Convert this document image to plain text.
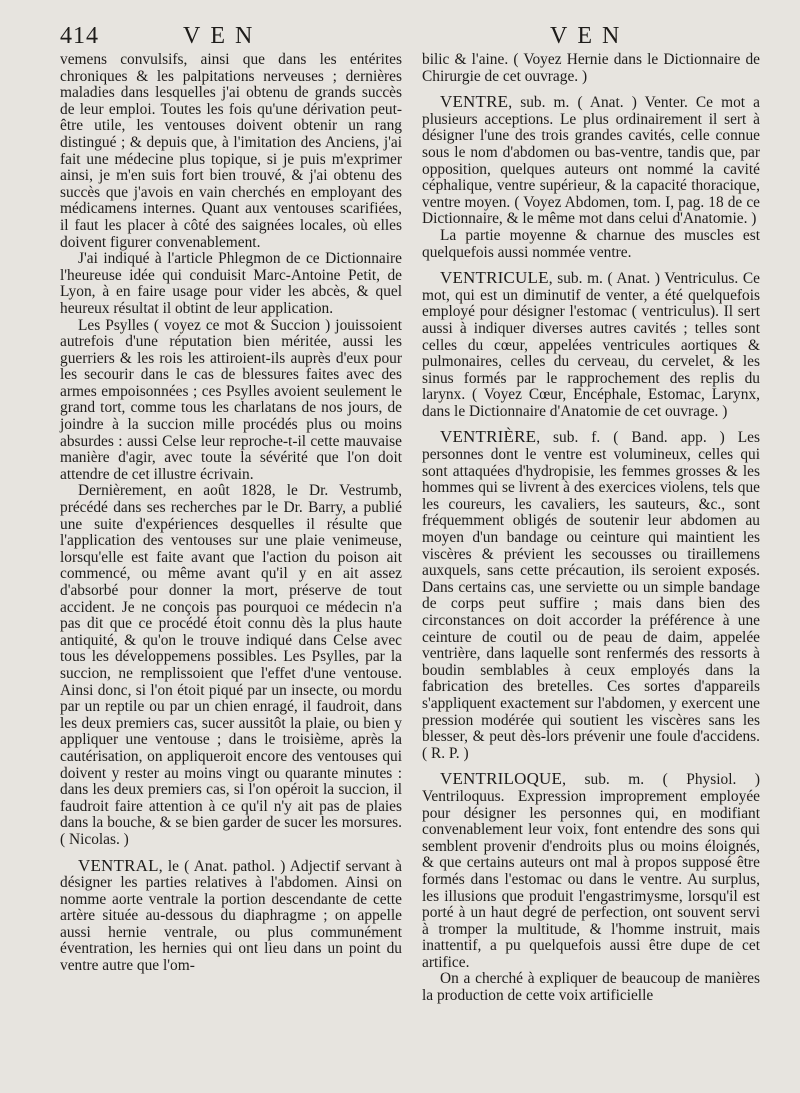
414	VEN	VEN

vemens convulsifs, ainsi que dans les entérites chroniques & les palpitations nerveuses ; dernières maladies dans lesquelles j'ai obtenu de grands succès de leur emploi. Toutes les fois qu'une dérivation peut-être utile, les ventouses doivent obtenir un rang distingué ; & depuis que, à l'imitation des Anciens, j'ai fait une médecine plus topique, si je puis m'exprimer ainsi, je m'en suis fort bien trouvé, & j'ai obtenu des succès que j'avois en vain cherchés en employant des médicamens internes. Quant aux ventouses scarifiées, il faut les placer à côté des saignées locales, où elles doivent figurer convenablement.

J'ai indiqué à l'article Phlegmon de ce Dictionnaire l'heureuse idée qui conduisit Marc-Antoine Petit, de Lyon, à en faire usage pour vider les abcès, & quel heureux résultat il obtint de leur application.

Les Psylles ( voyez ce mot & Succion ) jouissoient autrefois d'une réputation bien méritée, aussi les guerriers & les rois les attiroient-ils auprès d'eux pour les secourir dans le cas de blessures faites avec des armes empoisonnées ; ces Psylles avoient seulement le grand tort, comme tous les charlatans de nos jours, de joindre à la succion mille procédés plus ou moins absurdes : aussi Celse leur reproche-t-il cette mauvaise manière d'agir, avec toute la sévérité que l'on doit attendre de cet illustre écrivain.

Dernièrement, en août 1828, le Dr. Vestrumb, précédé dans ses recherches par le Dr. Barry, a publié une suite d'expériences desquelles il résulte que l'application des ventouses sur une plaie venimeuse, lorsqu'elle est faite avant que l'action du poison ait commencé, ou même avant qu'il y en ait assez d'absorbé pour donner la mort, préserve de tout accident. Je ne conçois pas pourquoi ce médecin n'a pas dit que ce procédé étoit connu dès la plus haute antiquité, & qu'on le trouve indiqué dans Celse avec tous les développemens possibles. Les Psylles, par la succion, ne remplissoient que l'effet d'une ventouse. Ainsi donc, si l'on étoit piqué par un insecte, ou mordu par un reptile ou par un chien enragé, il faudroit, dans les deux premiers cas, sucer aussitôt la plaie, ou bien y appliquer une ventouse ; dans le troisième, après la cautérisation, on appliqueroit encore des ventouses qui doivent y rester au moins vingt ou quarante minutes : dans les deux premiers cas, si l'on opéroit la succion, il faudroit faire attention à ce qu'il n'y ait pas de plaies dans la bouche, & se bien garder de sucer les morsures. ( Nicolas. )

VENTRAL, le ( Anat. pathol. ) Adjectif servant à désigner les parties relatives à l'abdomen. Ainsi on nomme aorte ventrale la portion descendante de cette artère située au-dessous du diaphragme ; on appelle aussi hernie ventrale, ou plus communément éventration, les hernies qui ont lieu dans un point du ventre autre que l'om-

bilic & l'aine. ( Voyez Hernie dans le Dictionnaire de Chirurgie de cet ouvrage. )

VENTRE, sub. m. ( Anat. ) Venter. Ce mot a plusieurs acceptions. Le plus ordinairement il sert à désigner l'une des trois grandes cavités, celle connue sous le nom d'abdomen ou bas-ventre, tandis que, par opposition, quelques auteurs ont nommé la cavité céphalique, ventre supérieur, & la capacité thoracique, ventre moyen. ( Voyez Abdomen, tom. I, pag. 18 de ce Dictionnaire, & le même mot dans celui d'Anatomie. )

La partie moyenne & charnue des muscles est quelquefois aussi nommée ventre.

VENTRICULE, sub. m. ( Anat. ) Ventriculus. Ce mot, qui est un diminutif de venter, a été quelquefois employé pour désigner l'estomac ( ventriculus). Il sert aussi à indiquer diverses autres cavités ; telles sont celles du cœur, appelées ventricules aortiques & pulmonaires, celles du cerveau, du cervelet, & les sinus formés par le rapprochement des replis du larynx. ( Voyez Cœur, Encéphale, Estomac, Larynx, dans le Dictionnaire d'Anatomie de cet ouvrage. )

VENTRIÈRE, sub. f. ( Band. app. ) Les personnes dont le ventre est volumineux, celles qui sont attaquées d'hydropisie, les femmes grosses & les hommes qui se livrent à des exercices violens, tels que les coureurs, les cavaliers, les sauteurs, &c., sont fréquemment obligés de soutenir leur abdomen au moyen d'un bandage ou ceinture qui maintient les viscères & prévient les secousses ou tiraillemens auxquels, sans cette précaution, ils seroient exposés. Dans certains cas, une serviette ou un simple bandage de corps peut suffire ; mais dans bien des circonstances on doit accorder la préférence à une ceinture de coutil ou de peau de daim, appelée ventrière, dans laquelle sont renfermés des ressorts à boudin semblables à ceux employés dans la fabrication des bretelles. Ces sortes d'appareils s'appliquent exactement sur l'abdomen, y exercent une pression modérée qui soutient les viscères sans les blesser, & peut dès-lors prévenir une foule d'accidens. ( R. P. )

VENTRILOQUE, sub. m. ( Physiol. ) Ventriloquus. Expression improprement employée pour désigner les personnes qui, en modifiant convenablement leur voix, font entendre des sons qui semblent provenir d'endroits plus ou moins éloignés, & que certains auteurs ont mal à propos supposé être formés dans l'estomac ou dans le ventre. Au surplus, les illusions que produit l'engastrimysme, lorsqu'il est porté à un haut degré de perfection, ont souvent servi à tromper la multitude, & l'homme instruit, mais inattentif, a pu quelquefois aussi être dupe de cet artifice.

On a cherché à expliquer de beaucoup de manières la production de cette voix artificielle
